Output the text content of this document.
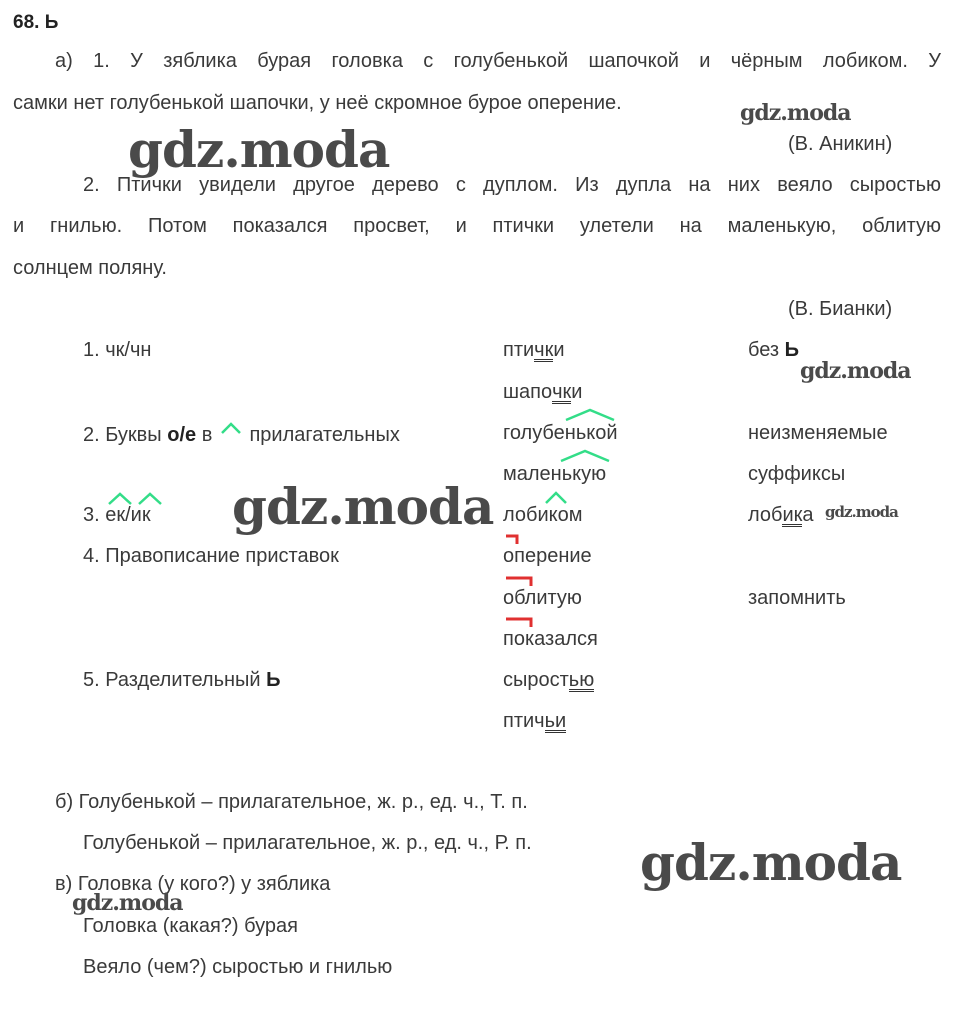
68. Ь
а) 1. У зяблика бурая головка с голубенькой шапочкой и чёрным лобиком. У
самки нет голубенькой шапочки, у неё скромное бурое оперение.
(В. Аникин)
2. Птички увидели другое дерево с дуплом. Из дупла на них веяло сыростью
и гнилью. Потом показался просвет, и птички улетели на маленькую, облитую
солнцем поляну.
(В. Бианки)
1. чк/чн
2. Буквы о/е в прилагательных
3. ек/ик
4. Правописание приставок
5. Разделительный Ь
птички
шапочки
голубенькой
маленькую
лобиком
оперение
облитую
показался
сыростью
птичьи
без Ь
неизменяемые
суффиксы
лобика
запомнить
б) Голубенькой – прилагательное, ж. р., ед. ч., Т. п.
Голубенькой – прилагательное, ж. р., ед. ч., Р. п.
в) Головка (у кого?) у зяблика
Головка (какая?) бурая
Веяло (чем?) сыростью и гнилью
gdz.moda
gdz.moda
gdz.moda
gdz.moda	gdz.moda
gdz.moda
gdz.moda
